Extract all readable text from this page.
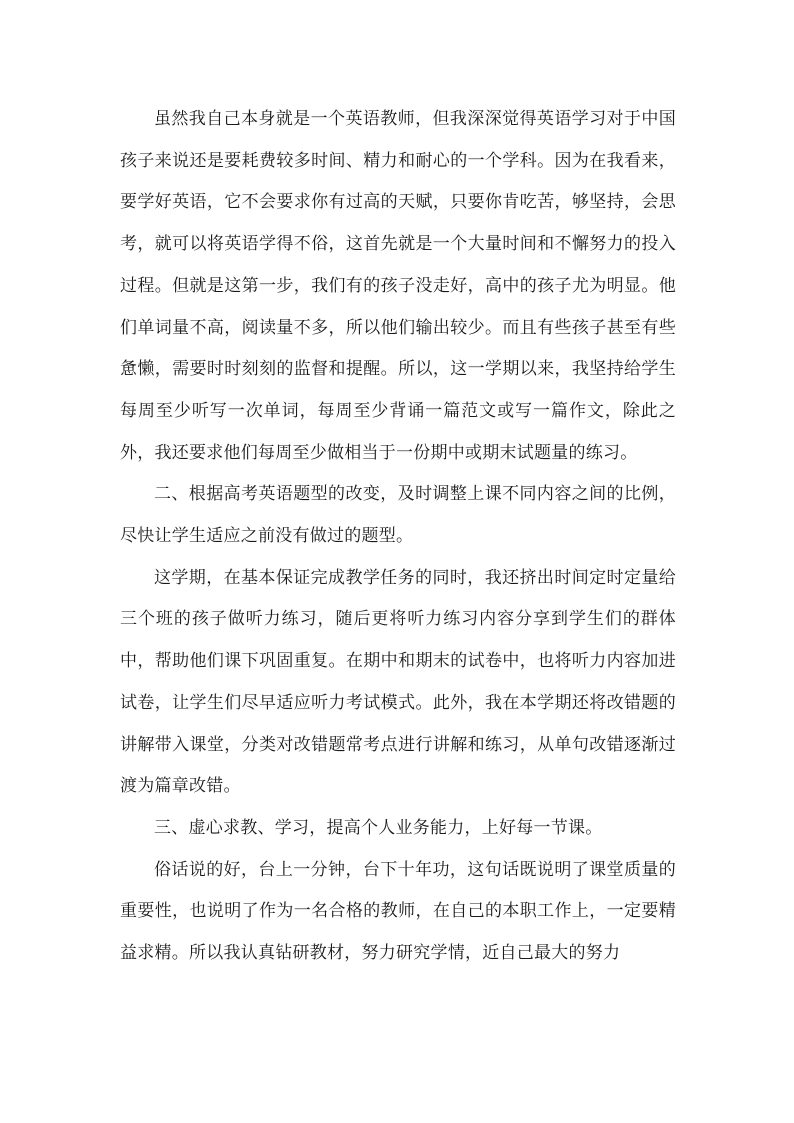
虽然我自己本身就是一个英语教师，但我深深觉得英语学习对于中国孩子来说还是要耗费较多时间、精力和耐心的一个学科。因为在我看来，要学好英语，它不会要求你有过高的天赋，只要你肯吃苦，够坚持，会思考，就可以将英语学得不俗，这首先就是一个大量时间和不懈努力的投入过程。但就是这第一步，我们有的孩子没走好，高中的孩子尤为明显。他们单词量不高，阅读量不多，所以他们输出较少。而且有些孩子甚至有些惫懒，需要时时刻刻的监督和提醒。所以，这一学期以来，我坚持给学生每周至少听写一次单词，每周至少背诵一篇范文或写一篇作文，除此之外，我还要求他们每周至少做相当于一份期中或期末试题量的练习。

二、根据高考英语题型的改变，及时调整上课不同内容之间的比例，尽快让学生适应之前没有做过的题型。

这学期，在基本保证完成教学任务的同时，我还挤出时间定时定量给三个班的孩子做听力练习，随后更将听力练习内容分享到学生们的群体中，帮助他们课下巩固重复。在期中和期末的试卷中，也将听力内容加进试卷，让学生们尽早适应听力考试模式。此外，我在本学期还将改错题的讲解带入课堂，分类对改错题常考点进行讲解和练习，从单句改错逐渐过渡为篇章改错。

三、虚心求教、学习，提高个人业务能力，上好每一节课。

俗话说的好，台上一分钟，台下十年功，这句话既说明了课堂质量的重要性，也说明了作为一名合格的教师，在自己的本职工作上，一定要精益求精。所以我认真钻研教材，努力研究学情，近自己最大的努力
